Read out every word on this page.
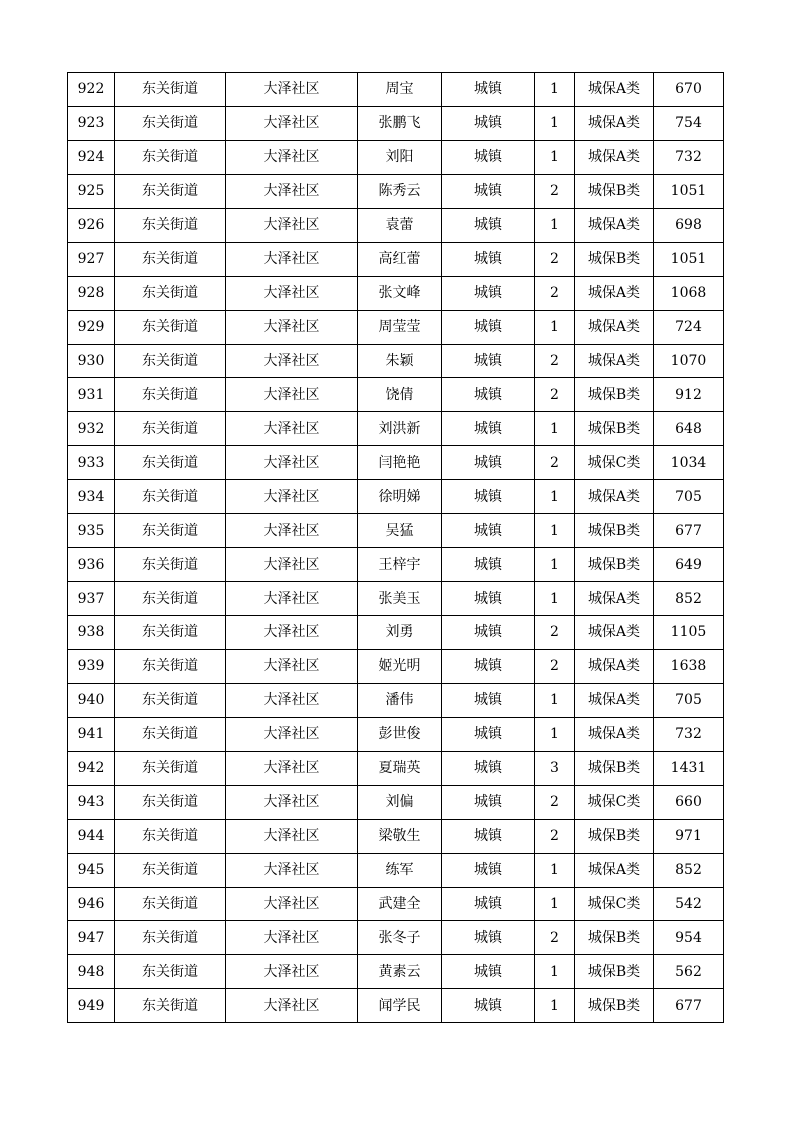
922	东关街道	大泽社区	周宝	城镇	1	城保A类	670
923	东关街道	大泽社区	张鹏飞	城镇	1	城保A类	754
924	东关街道	大泽社区	刘阳	城镇	1	城保A类	732
925	东关街道	大泽社区	陈秀云	城镇	2	城保B类	1051
926	东关街道	大泽社区	袁蕾	城镇	1	城保A类	698
927	东关街道	大泽社区	高红蕾	城镇	2	城保B类	1051
928	东关街道	大泽社区	张文峰	城镇	2	城保A类	1068
929	东关街道	大泽社区	周莹莹	城镇	1	城保A类	724
930	东关街道	大泽社区	朱颖	城镇	2	城保A类	1070
931	东关街道	大泽社区	饶倩	城镇	2	城保B类	912
932	东关街道	大泽社区	刘洪新	城镇	1	城保B类	648
933	东关街道	大泽社区	闫艳艳	城镇	2	城保C类	1034
934	东关街道	大泽社区	徐明娣	城镇	1	城保A类	705
935	东关街道	大泽社区	吴猛	城镇	1	城保B类	677
936	东关街道	大泽社区	王梓宇	城镇	1	城保B类	649
937	东关街道	大泽社区	张美玉	城镇	1	城保A类	852
938	东关街道	大泽社区	刘勇	城镇	2	城保A类	1105
939	东关街道	大泽社区	姬光明	城镇	2	城保A类	1638
940	东关街道	大泽社区	潘伟	城镇	1	城保A类	705
941	东关街道	大泽社区	彭世俊	城镇	1	城保A类	732
942	东关街道	大泽社区	夏瑞英	城镇	3	城保B类	1431
943	东关街道	大泽社区	刘偏	城镇	2	城保C类	660
944	东关街道	大泽社区	梁敬生	城镇	2	城保B类	971
945	东关街道	大泽社区	练军	城镇	1	城保A类	852
946	东关街道	大泽社区	武建全	城镇	1	城保C类	542
947	东关街道	大泽社区	张冬子	城镇	2	城保B类	954
948	东关街道	大泽社区	黄素云	城镇	1	城保B类	562
949	东关街道	大泽社区	闻学民	城镇	1	城保B类	677
